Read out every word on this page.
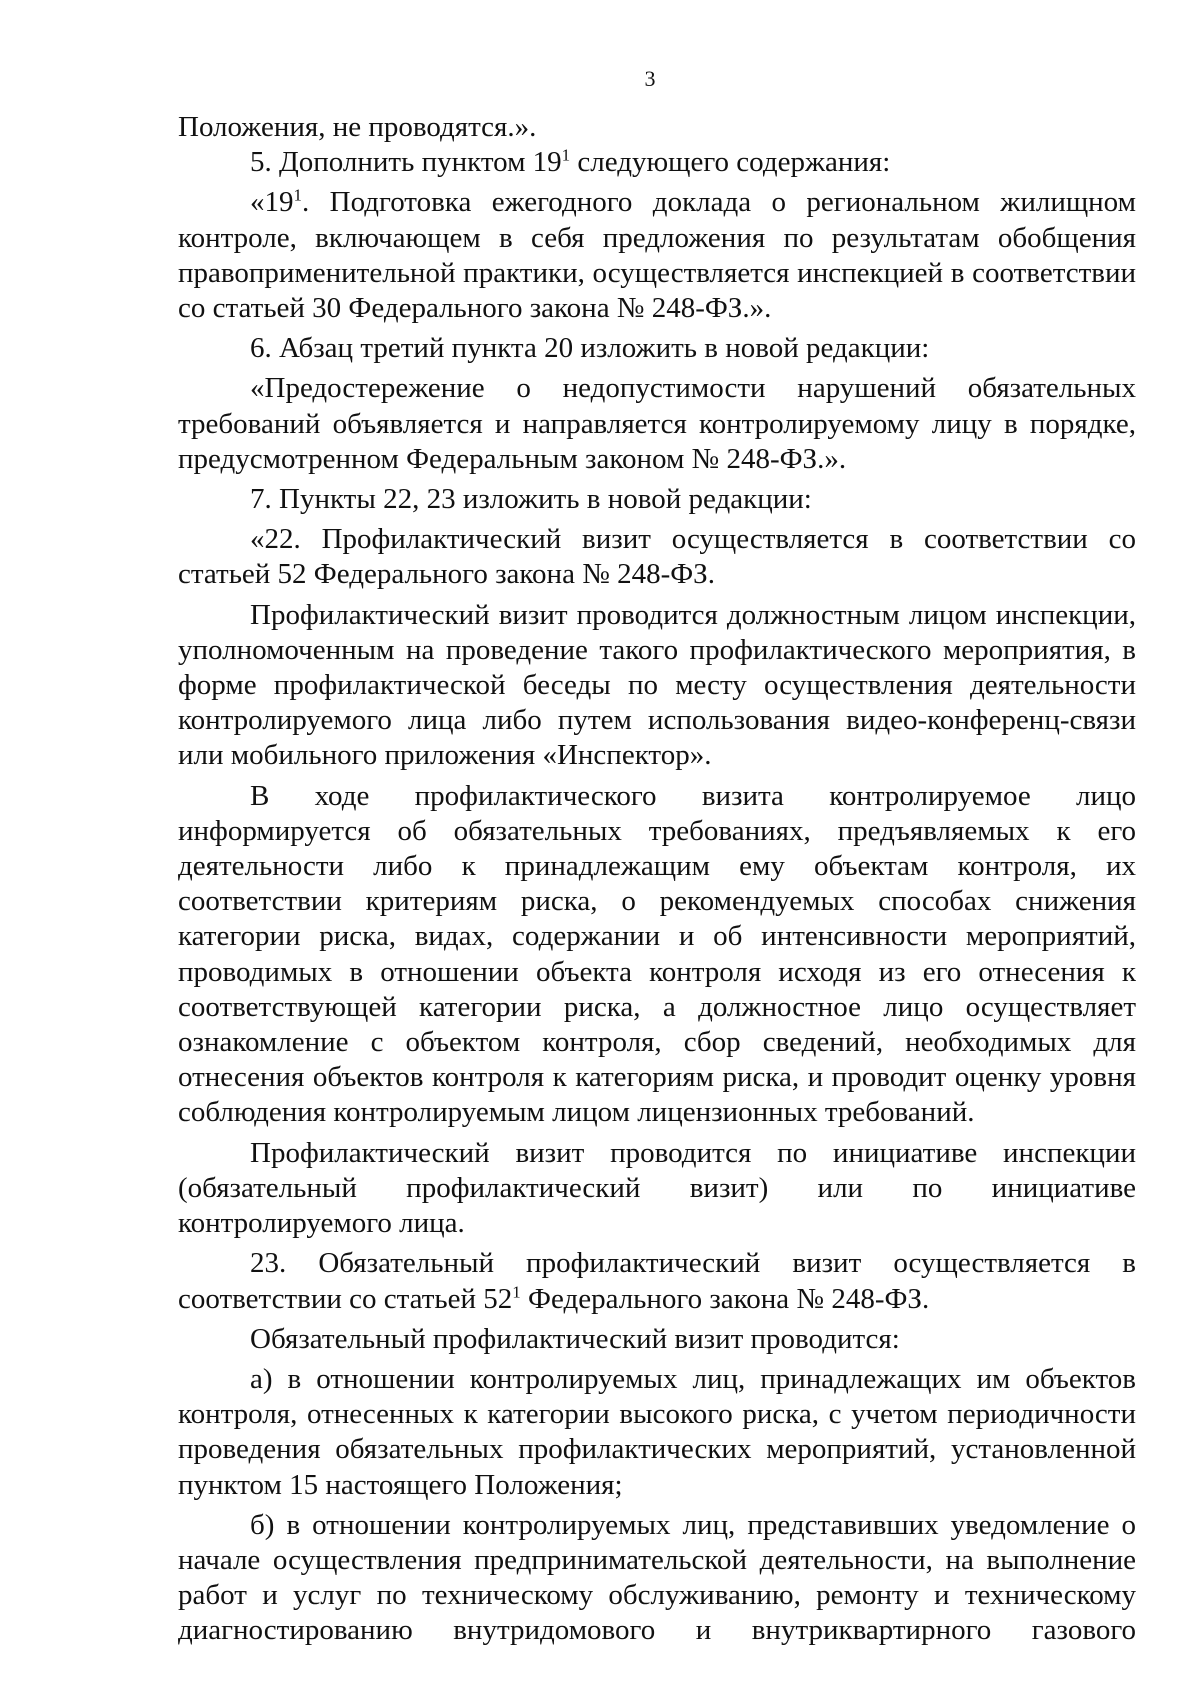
3

Положения, не проводятся.».

5. Дополнить пунктом $19^1$ следующего содержания:

«$19^1$. Подготовка ежегодного доклада о региональном жилищном контроле, включающем в себя предложения по результатам обобщения правоприменительной практики, осуществляется инспекцией в соответствии со статьей 30 Федерального закона № 248-ФЗ.».

6. Абзац третий пункта 20 изложить в новой редакции:

«Предостережение о недопустимости нарушений обязательных требований объявляется и направляется контролируемому лицу в порядке, предусмотренном Федеральным законом № 248-ФЗ.».

7. Пункты 22, 23 изложить в новой редакции:

«22. Профилактический визит осуществляется в соответствии со статьей 52 Федерального закона № 248-ФЗ.

Профилактический визит проводится должностным лицом инспекции, уполномоченным на проведение такого профилактического мероприятия, в форме профилактической беседы по месту осуществления деятельности контролируемого лица либо путем использования видео-конференц-связи или мобильного приложения «Инспектор».

В ходе профилактического визита контролируемое лицо информируется об обязательных требованиях, предъявляемых к его деятельности либо к принадлежащим ему объектам контроля, их соответствии критериям риска, о рекомендуемых способах снижения категории риска, видах, содержании и об интенсивности мероприятий, проводимых в отношении объекта контроля исходя из его отнесения к соответствующей категории риска, а должностное лицо осуществляет ознакомление с объектом контроля, сбор сведений, необходимых для отнесения объектов контроля к категориям риска, и проводит оценку уровня соблюдения контролируемым лицом лицензионных требований.

Профилактический визит проводится по инициативе инспекции (обязательный профилактический визит) или по инициативе контролируемого лица.

23. Обязательный профилактический визит осуществляется в соответствии со статьей $52^1$ Федерального закона № 248-ФЗ.

Обязательный профилактический визит проводится:

а) в отношении контролируемых лиц, принадлежащих им объектов контроля, отнесенных к категории высокого риска, с учетом периодичности проведения обязательных профилактических мероприятий, установленной пунктом 15 настоящего Положения;

б) в отношении контролируемых лиц, представивших уведомление о начале осуществления предпринимательской деятельности, на выполнение работ и услуг по техническому обслуживанию, ремонту и техническому диагностированию внутридомового и внутриквартирного газового
